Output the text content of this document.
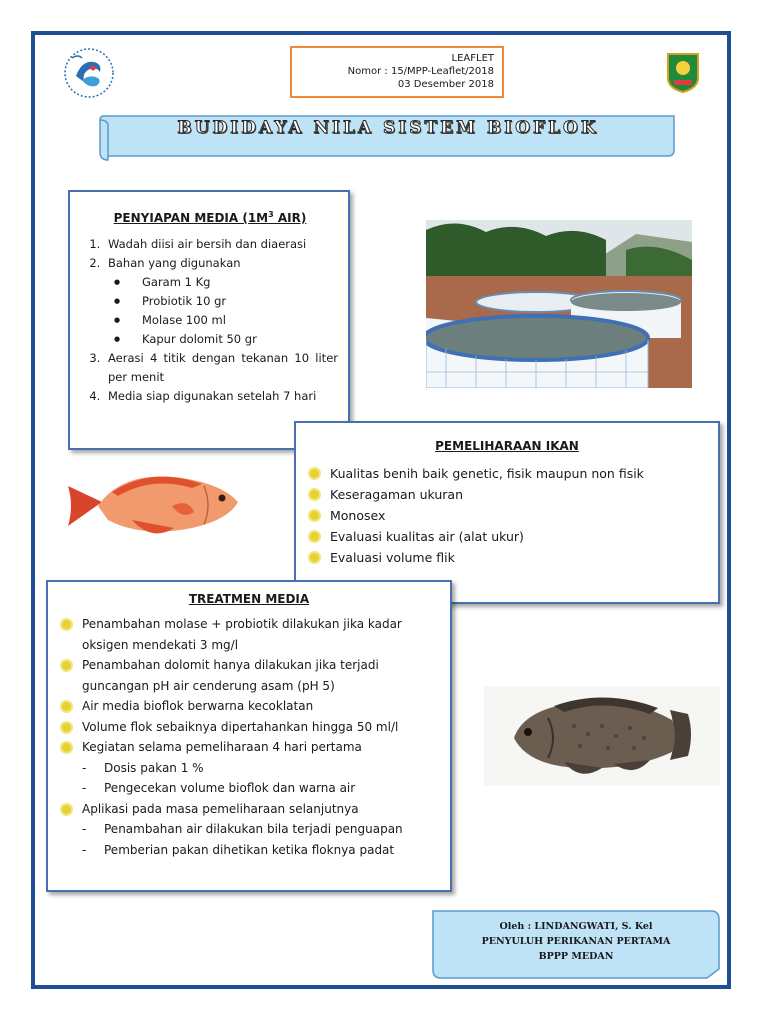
LEAFLET
Nomor : 15/MPP-Leaflet/2018
03 Desember 2018
BUDIDAYA NILA SISTEM BIOFLOK
PENYIAPAN MEDIA ($1M^3$ AIR)
1. Wadah diisi air bersih dan diaerasi
2. Bahan yang digunakan
● Garam 1 Kg
● Probiotik 10 gr
● Molase 100 ml
● Kapur dolomit 50 gr
3. Aerasi 4 titik dengan tekanan 10 liter per menit
4. Media siap digunakan setelah 7 hari
PEMELIHARAAN IKAN
Kualitas benih baik genetic, fisik maupun non fisik
Keseragaman ukuran
Monosex
Evaluasi kualitas air (alat ukur)
Evaluasi volume flik
TREATMEN MEDIA
Penambahan molase + probiotik dilakukan jika kadar oksigen mendekati 3 mg/l
Penambahan dolomit hanya dilakukan jika terjadi guncangan pH air cenderung asam (pH 5)
Air media bioflok berwarna kecoklatan
Volume flok sebaiknya dipertahankan hingga 50 ml/l
Kegiatan selama pemeliharaan 4 hari pertama
Dosis pakan 1 % -
Pengecekan volume bioflok dan warna air -
Aplikasi pada masa pemeliharaan selanjutnya
Penambahan air dilakukan bila terjadi penguapan -
Pemberian pakan dihetikan ketika floknya padat -
Oleh : LINDANGWATI, S. Kel
PENYULUH PERIKANAN PERTAMA
BPPP MEDAN
